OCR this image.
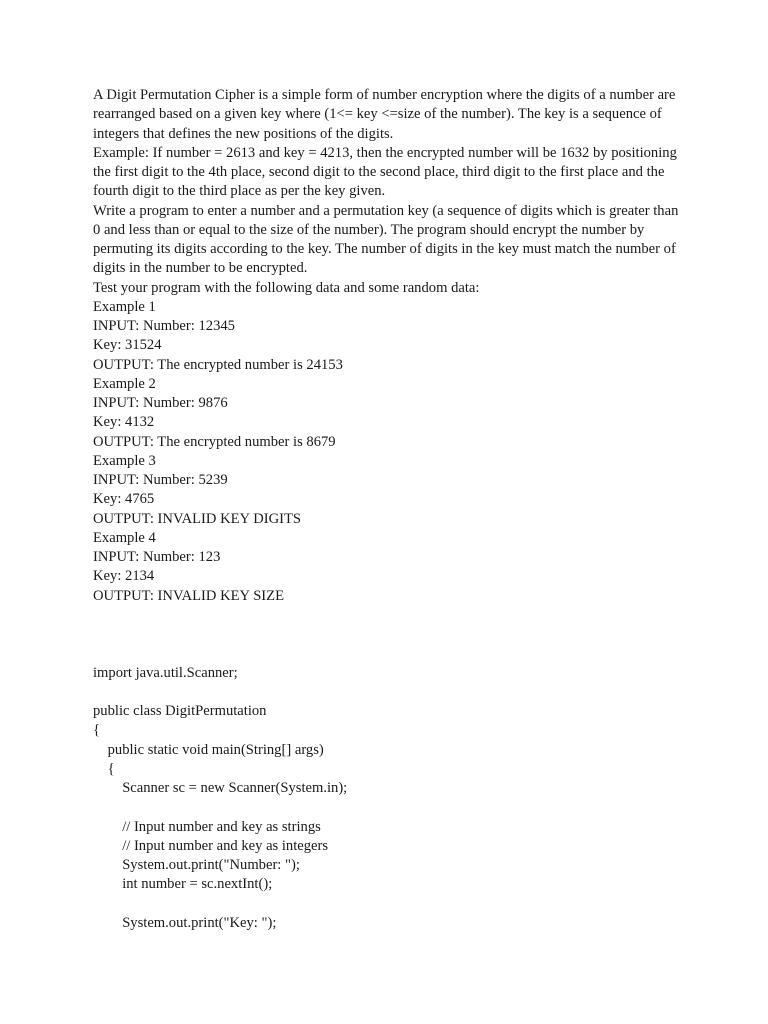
A Digit Permutation Cipher is a simple form of number encryption where the digits of a number are rearranged based on a given key where (1<= key <=size of the number). The key is a sequence of integers that defines the new positions of the digits.
Example: If number = 2613 and key = 4213, then the encrypted number will be 1632 by positioning the first digit to the 4th place, second digit to the second place, third digit to the first place and the fourth digit to the third place as per the key given.
Write a program to enter a number and a permutation key (a sequence of digits which is greater than 0 and less than or equal to the size of the number). The program should encrypt the number by permuting its digits according to the key. The number of digits in the key must match the number of digits in the number to be encrypted.
Test your program with the following data and some random data:
Example 1
INPUT: Number: 12345
Key: 31524
OUTPUT: The encrypted number is 24153
Example 2
INPUT: Number: 9876
Key: 4132
OUTPUT: The encrypted number is 8679
Example 3
INPUT: Number: 5239
Key: 4765
OUTPUT: INVALID KEY DIGITS
Example 4
INPUT: Number: 123
Key: 2134
OUTPUT: INVALID KEY SIZE
import java.util.Scanner;
public class DigitPermutation
{
public static void main(String[] args)
{
Scanner sc = new Scanner(System.in);
// Input number and key as strings
// Input number and key as integers
System.out.print("Number: ");
int number = sc.nextInt();
System.out.print("Key: ");
